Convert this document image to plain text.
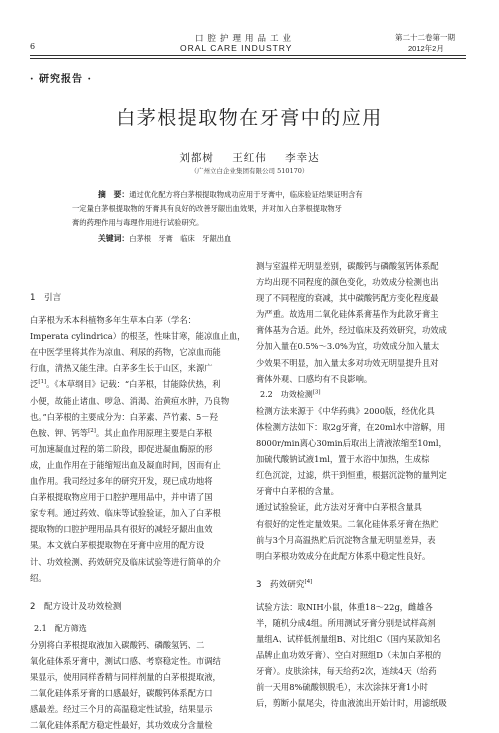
6
口腔护理用品工业
ORAL CARE INDUSTRY
第二十二卷第一期
2012年2月
· 研究报告 ·
白茅根提取物在牙膏中的应用
刘都树 王红伟 李幸达
（广州立白企业集团有限公司 510170）
摘　要：通过优化配方将白茅根提取物成功应用于牙膏中，临床验证结果证明含有
一定量白茅根提取物的牙膏具有良好的改善牙龈出血效果，并对加入白茅根提取物牙
膏的药理作用与毒理作用进行试验研究。
关键词：白茅根　牙膏　临床　牙龈出血

1　引言

白茅根为禾本科植物多年生草本白茅（学名：

Imperata cylindrica）的根茎，性味甘寒，能凉血止血，

在中医学里将其作为凉血、利尿的药物，它凉血而能

行血，清热又能生津。白茅多生长于山区，来源广

泛[1]。《本草纲目》记载：“白茅根，甘能除伏热，利

小便，故能止诸血、哕急、消渴、治黄疸水肿，乃良物

也。”白茅根的主要成分为：白茅素、芦竹素、5－羟

色胺、钾、钙等[2]。其止血作用原理主要是白茅根

可加速凝血过程的第二阶段，即促进凝血酶原的形

成，止血作用在于能缩短出血及凝血时间，因而有止

血作用。我司经过多年的研究开发，现已成功地将

白茅根提取物应用于口腔护理用品中，并申请了国

家专利。通过药效、临床等试验验证，加入了白茅根

提取物的口腔护理用品具有很好的减轻牙龈出血效

果。本文就白茅根提取物在牙膏中应用的配方设

计、功效检测、药效研究及临床试验等进行简单的介

绍。

2　配方设计及功效检测

2.1　配方筛选

分别将白茅根提取液加入碳酸钙、磷酸氢钙、二

氧化硅体系牙膏中，测试口感、考察稳定性。市调结

果显示，使用同样香精与同样剂量的白茅根提取液，

二氧化硅体系牙膏的口感最好，碳酸钙体系配方口

感最差。经过三个月的高温稳定性试验，结果显示

二氧化硅体系配方稳定性最好，其功效成分含量检

测与室温样无明显差别，碳酸钙与磷酸氢钙体系配

方均出现不同程度的颜色变化，功效成分检测也出

现了不同程度的衰减，其中碳酸钙配方变化程度最

为严重。故选用二氧化硅体系膏基作为此款牙膏主

膏体基为合适。此外，经过临床及药效研究，功效成

分加入量在0.5%～3.0%为宜，功效成分加入量太

少效果不明显，加入量太多对功效无明显提升且对

膏体外观、口感均有不良影响。

2.2　功效检测[3]

检测方法来源于《中华药典》2000版，经优化具

体检测方法如下：取2g牙膏，在20ml水中溶解，用

8000r/min离心30min后取出上清液浓缩至10ml，

加硫代酸钠试液1ml，置于水浴中加热，生成棕

红色沉淀，过滤，烘干到恒重，根据沉淀物的量判定

牙膏中白茅根的含量。

通过试验验证，此方法对牙膏中白茅根含量具

有很好的定性定量效果。二氧化硅体系牙膏在热贮

前与3个月高温热贮后沉淀物含量无明显差异，表

明白茅根功效成分在此配方体系中稳定性良好。

3　药效研究[4]

试验方法：取NIH小鼠，体重18～22g，雌雄各

半，随机分成4组。所用测试牙膏分别是试样高剂

量组A、试样低剂量组B、对比组C（国内某款知名

品牌止血功效牙膏）、空白对照组D（未加白茅根的

牙膏）。皮肤涂抹，每天给药2次，连续4天（给药

前一天用8%硫酸钡脱毛），末次涂抹牙膏1小时

后，剪断小鼠尾尖，待血液流出开始计时，用滤纸吸
